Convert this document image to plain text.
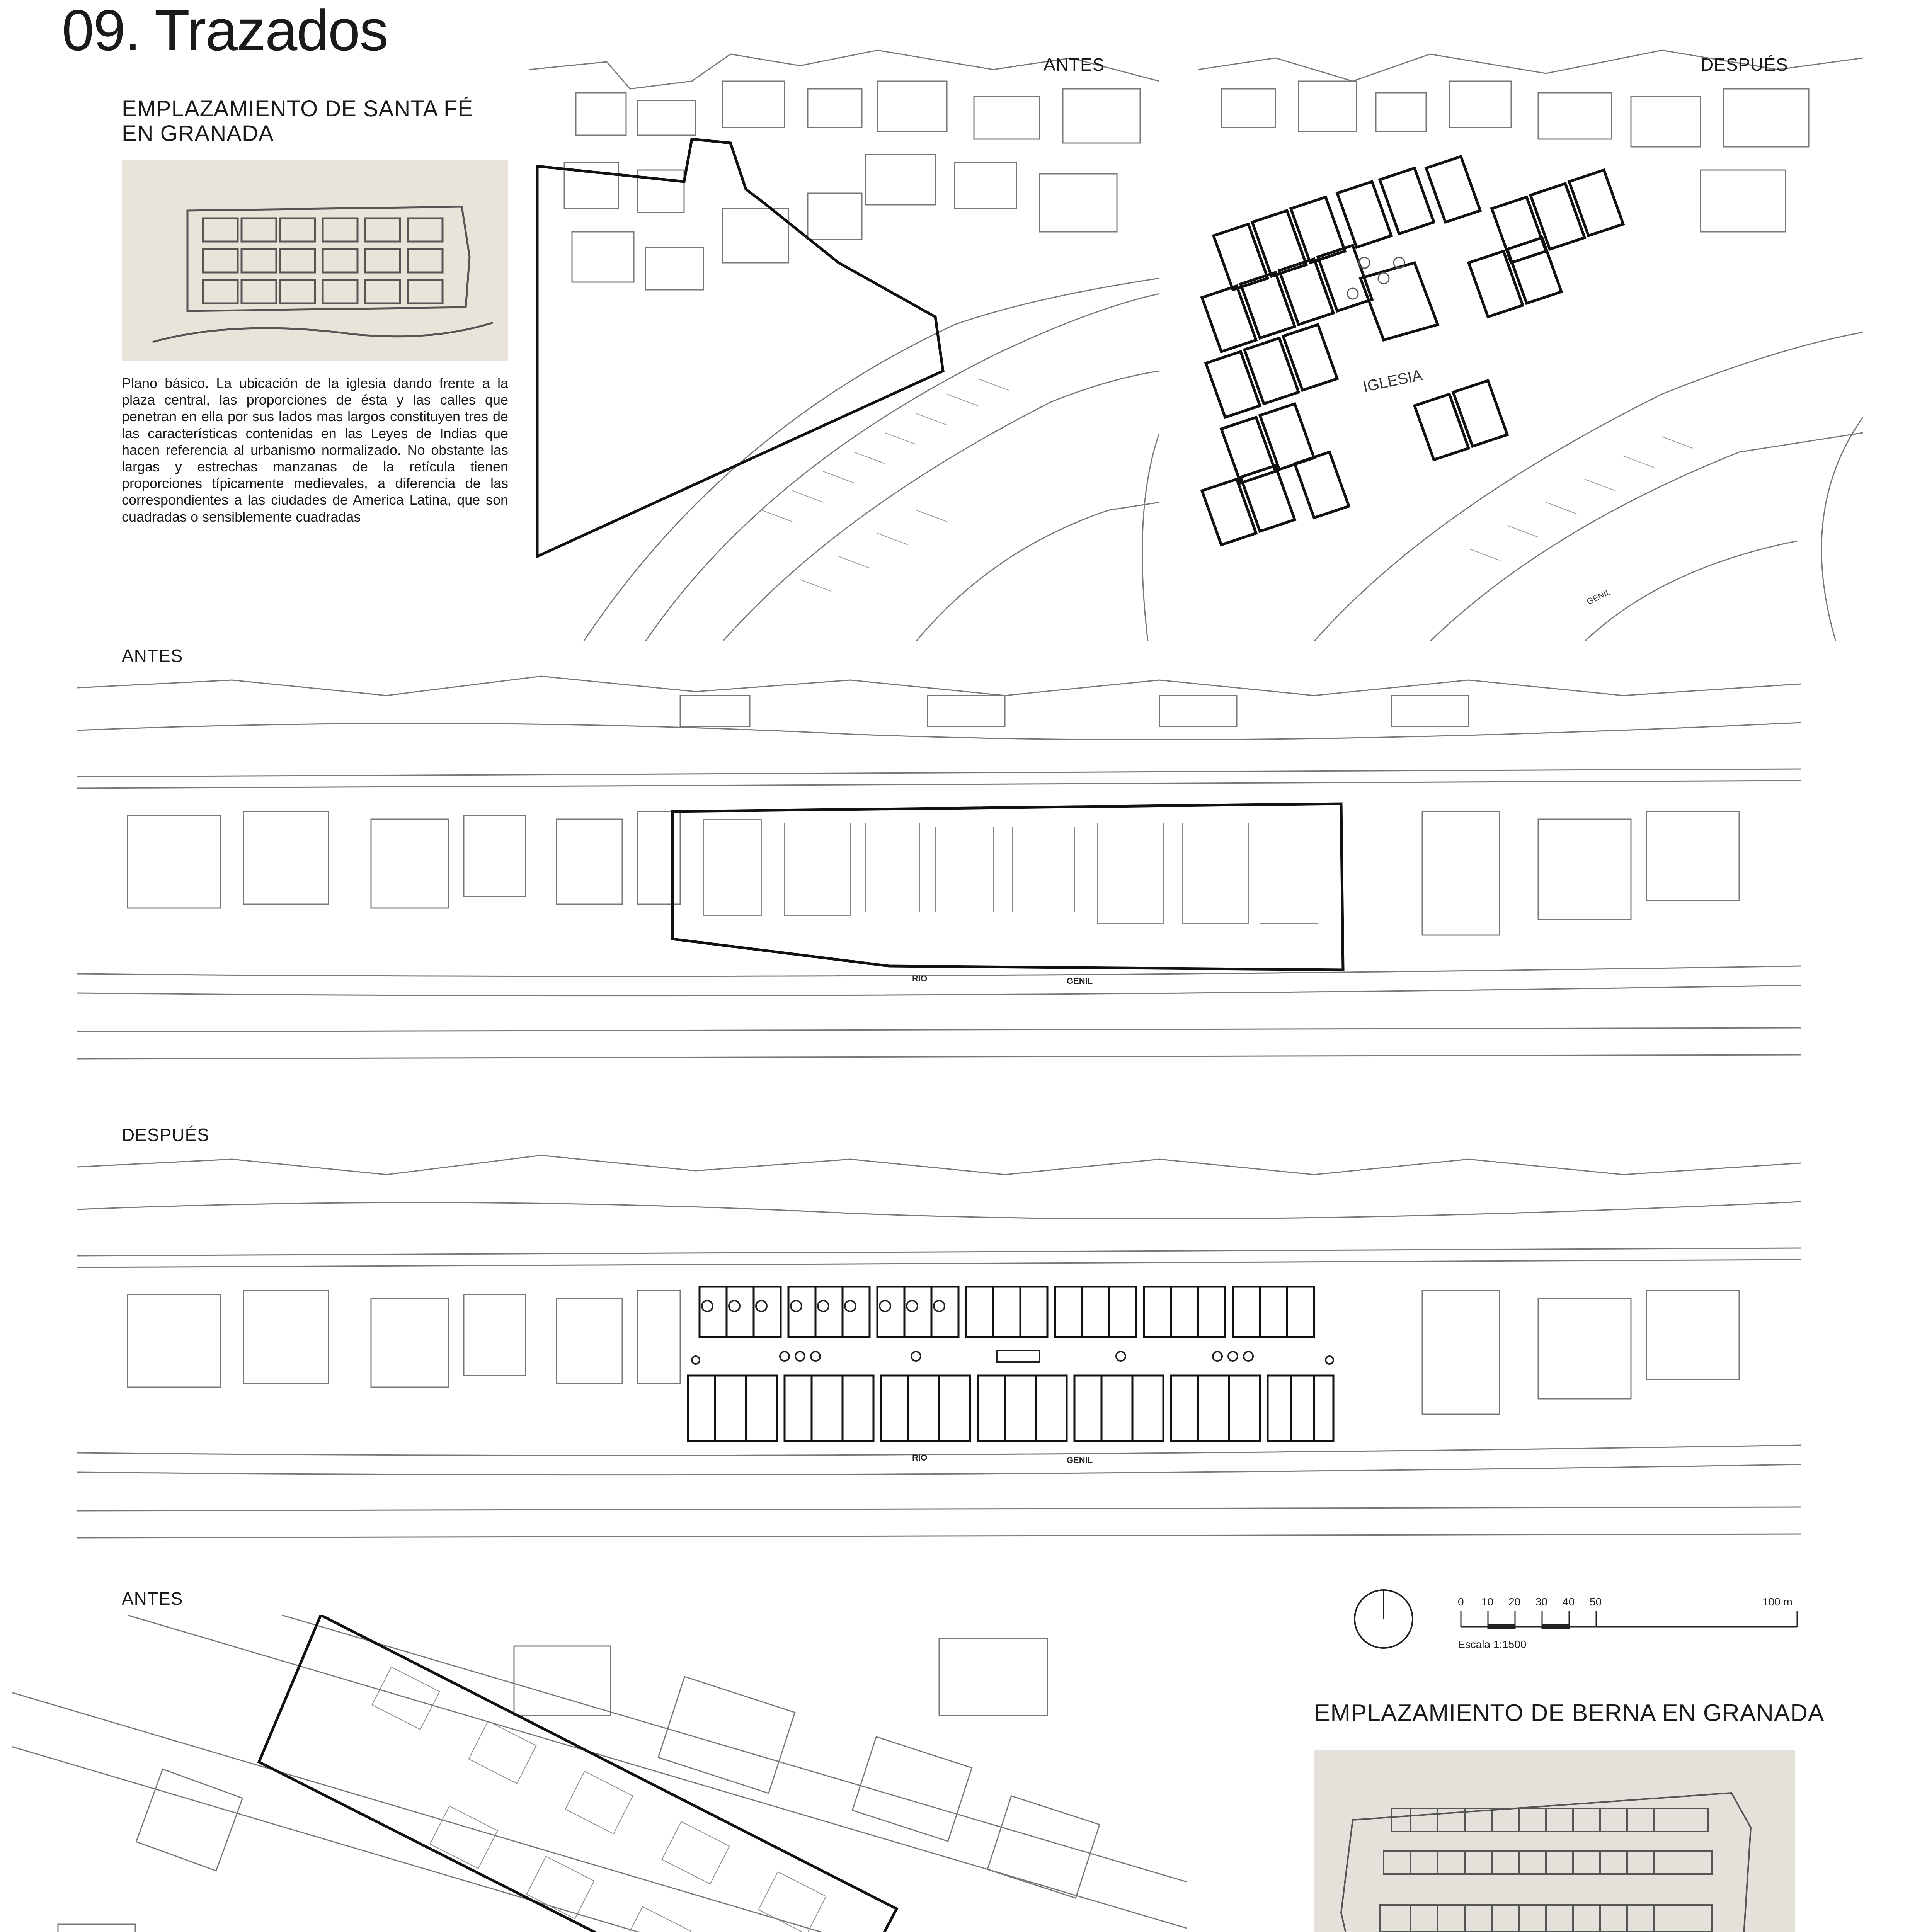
09. Trazados
EMPLAZAMIENTO DE SANTA FÉ EN GRANADA
Plano básico. La ubicación de la iglesia dando frente a la plaza central, las proporciones de ésta y las calles que penetran en ella por sus lados mas largos constituyen tres de las características contenidas en las Leyes de Indias que hacen referencia al urbanismo normalizado. No obstante las largas y estrechas manzanas de la retícula tienen proporciones típicamente medievales, a diferencia de las correspondientes a las ciudades de America Latina, que son cuadradas o sensiblemente cuadradas
ANTES
IGLESIA
GENIL
DESPUÉS
ANTES
RIO	GENIL
DESPUÉS
RIO	GENIL
ANTES	0 10 20 30 40 50	100 m
Escala 1:1500
EMPLAZAMIENTO DE BERNA EN GRANADA
